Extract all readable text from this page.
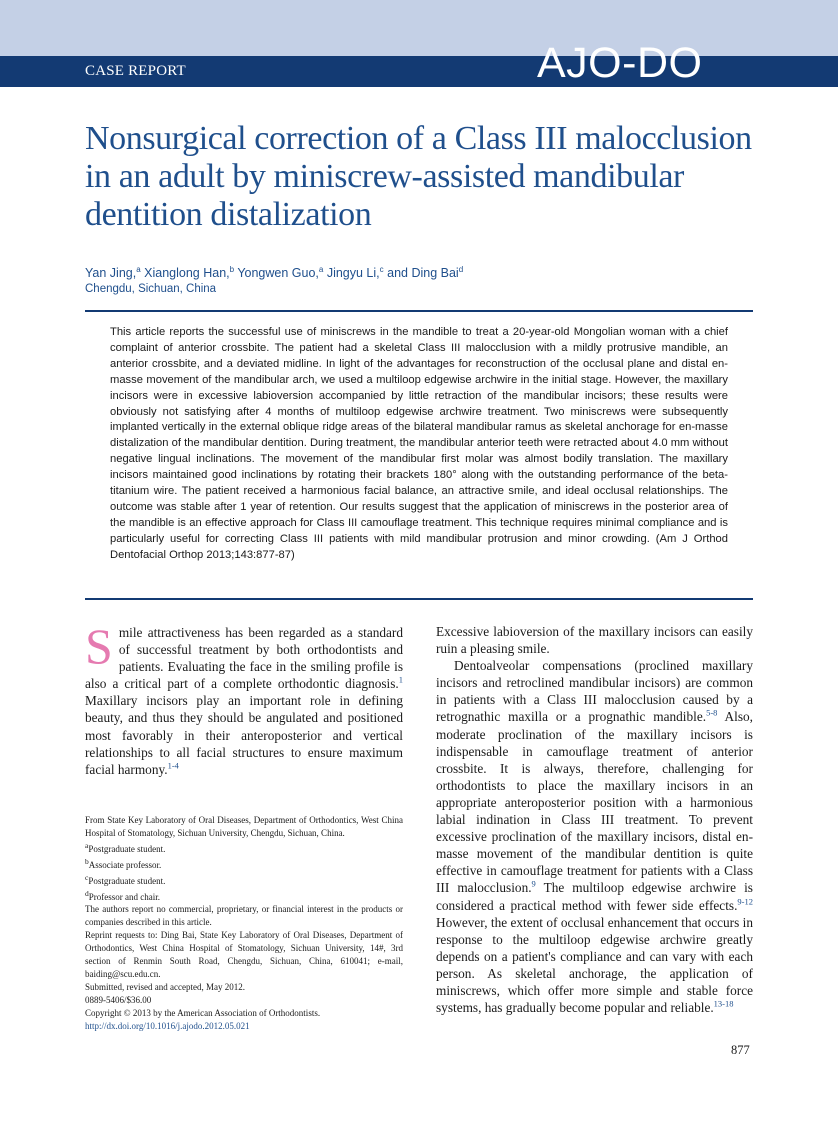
CASE REPORT	AJO-DO
Nonsurgical correction of a Class III malocclusion in an adult by miniscrew-assisted mandibular dentition distalization
Yan Jing,$^a$ Xianglong Han,$^b$ Yongwen Guo,$^a$ Jingyu Li,$^c$ and Ding Bai$^d$
Chengdu, Sichuan, China

This article reports the successful use of miniscrews in the mandible to treat a 20-year-old Mongolian woman with a chief complaint of anterior crossbite. The patient had a skeletal Class III malocclusion with a mildly protrusive mandible, an anterior crossbite, and a deviated midline. In light of the advantages for reconstruction of the occlusal plane and distal en-masse movement of the mandibular arch, we used a multiloop edgewise archwire in the initial stage. However, the maxillary incisors were in excessive labioversion accompanied by little retraction of the mandibular incisors; these results were obviously not satisfying after 4 months of multiloop edgewise archwire treatment. Two miniscrews were subsequently implanted vertically in the external oblique ridge areas of the bilateral mandibular ramus as skeletal anchorage for en-masse distalization of the mandibular dentition. During treatment, the mandibular anterior teeth were retracted about 4.0 mm without negative lingual inclinations. The movement of the mandibular first molar was almost bodily translation. The maxillary incisors maintained good inclinations by rotating their brackets 180° along with the outstanding performance of the beta-titanium wire. The patient received a harmonious facial balance, an attractive smile, and ideal occlusal relationships. The outcome was stable after 1 year of retention. Our results suggest that the application of miniscrews in the posterior area of the mandible is an effective approach for Class III camouflage treatment. This technique requires minimal compliance and is particularly useful for correcting Class III patients with mild mandibular protrusion and minor crowding. (Am J Orthod Dentofacial Orthop 2013;143:877-87)

Smile attractiveness has been regarded as a standard of successful treatment by both orthodontists and patients. Evaluating the face in the smiling profile is also a critical part of a complete orthodontic diagnosis.$^1$ Maxillary incisors play an important role in defining beauty, and thus they should be angulated and positioned most favorably in their anteroposterior and vertical relationships to all facial structures to ensure maximum facial harmony.$^{1-4}$

From State Key Laboratory of Oral Diseases, Department of Orthodontics, West China Hospital of Stomatology, Sichuan University, Chengdu, Sichuan, China.
$^a$Postgraduate student.
$^b$Associate professor.
$^c$Postgraduate student.
$^d$Professor and chair.
The authors report no commercial, proprietary, or financial interest in the products or companies described in this article.
Reprint requests to: Ding Bai, State Key Laboratory of Oral Diseases, Department of Orthodontics, West China Hospital of Stomatology, Sichuan University, 14#, 3rd section of Renmin South Road, Chengdu, Sichuan, China, 610041; e-mail, baiding@scu.edu.cn.
Submitted, revised and accepted, May 2012.
0889-5406/$36.00
Copyright © 2013 by the American Association of Orthodontists.
http://dx.doi.org/10.1016/j.ajodo.2012.05.021

Excessive labioversion of the maxillary incisors can easily ruin a pleasing smile.

Dentoalveolar compensations (proclined maxillary incisors and retroclined mandibular incisors) are common in patients with a Class III malocclusion caused by a retrognathic maxilla or a prognathic mandible.$^{5-8}$ Also, moderate proclination of the maxillary incisors is indispensable in camouflage treatment of anterior crossbite. It is always, therefore, challenging for orthodontists to place the maxillary incisors in an appropriate anteroposterior position with a harmonious labial indination in Class III treatment. To prevent excessive proclination of the maxillary incisors, distal en-masse movement of the mandibular dentition is quite effective in camouflage treatment for patients with a Class III malocclusion.$^9$ The multiloop edgewise archwire is considered a practical method with fewer side effects.$^{9-12}$ However, the extent of occlusal enhancement that occurs in response to the multiloop edgewise archwire greatly depends on a patient's compliance and can vary with each person. As skeletal anchorage, the application of miniscrews, which offer more simple and stable force systems, has gradually become popular and reliable.$^{13-18}$

877
